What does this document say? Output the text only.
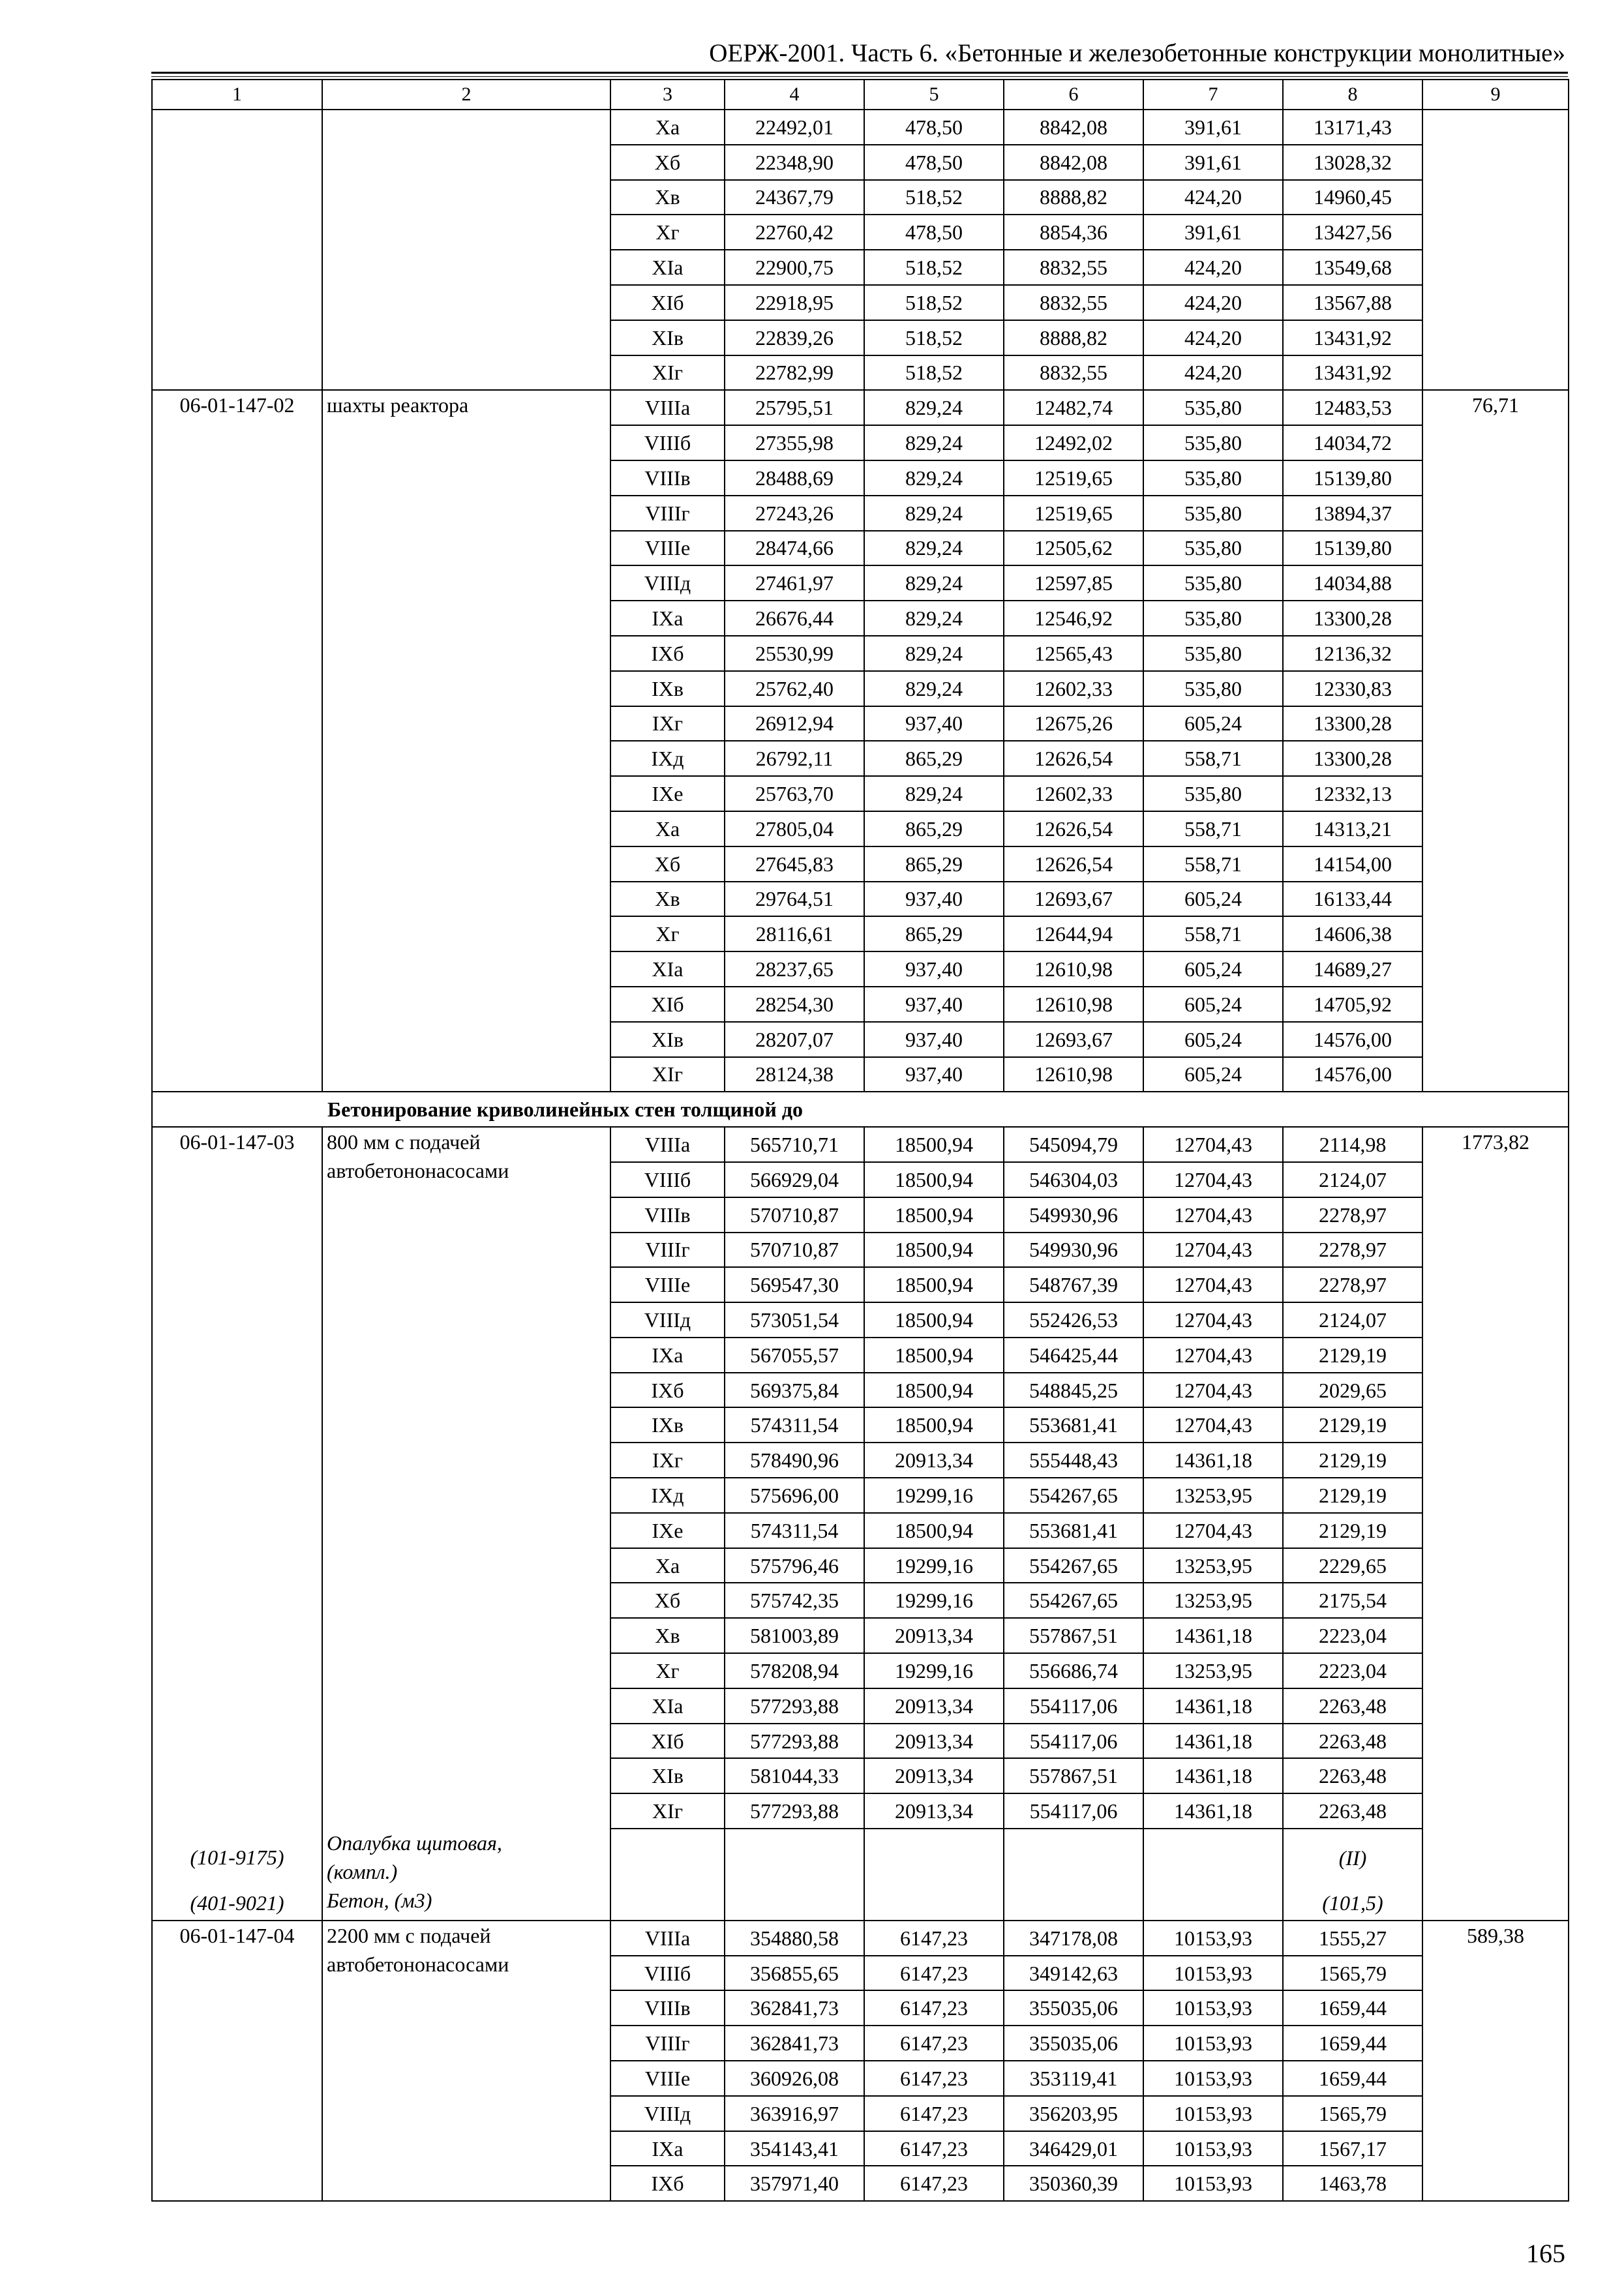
ОЕРЖ-2001. Часть 6. «Бетонные и железобетонные конструкции монолитные»
1	2	3	4	5	6	7	8	9
		Xa	22492,01	478,50	8842,08	391,61	13171,43	
		Xб	22348,90	478,50	8842,08	391,61	13028,32	
		Xв	24367,79	518,52	8888,82	424,20	14960,45	
		Xг	22760,42	478,50	8854,36	391,61	13427,56	
		XIa	22900,75	518,52	8832,55	424,20	13549,68	
		XIб	22918,95	518,52	8832,55	424,20	13567,88	
		XIв	22839,26	518,52	8888,82	424,20	13431,92	
		XIг	22782,99	518,52	8832,55	424,20	13431,92	

06-01-147-02	шахты реактора	VIIIa	25795,51	829,24	12482,74	535,80	12483,53	76,71

		VIIIб	27355,98	829,24	12492,02	535,80	14034,72	
		VIIIв	28488,69	829,24	12519,65	535,80	15139,80	
		VIIIг	27243,26	829,24	12519,65	535,80	13894,37	
		VIIIe	28474,66	829,24	12505,62	535,80	15139,80	
		VIIIд	27461,97	829,24	12597,85	535,80	14034,88	
		IXa	26676,44	829,24	12546,92	535,80	13300,28	
		IXб	25530,99	829,24	12565,43	535,80	12136,32	
		IXв	25762,40	829,24	12602,33	535,80	12330,83	
		IXг	26912,94	937,40	12675,26	605,24	13300,28	
		IXд	26792,11	865,29	12626,54	558,71	13300,28	
		IXe	25763,70	829,24	12602,33	535,80	12332,13	
		Xa	27805,04	865,29	12626,54	558,71	14313,21	
		Xб	27645,83	865,29	12626,54	558,71	14154,00	
		Xв	29764,51	937,40	12693,67	605,24	16133,44	
		Xг	28116,61	865,29	12644,94	558,71	14606,38	
		XIa	28237,65	937,40	12610,98	605,24	14689,27	
		XIб	28254,30	937,40	12610,98	605,24	14705,92	
		XIв	28207,07	937,40	12693,67	605,24	14576,00	
		XIг	28124,38	937,40	12610,98	605,24	14576,00	
Бетонирование криволинейных стен толщиной до								

06-01-147-03	800 мм с подачей
автобетононасосами	VIIIa	565710,71	18500,94	545094,79	12704,43	2114,98	1773,82

		VIIIб	566929,04	18500,94	546304,03	12704,43	2124,07	
		VIIIв	570710,87	18500,94	549930,96	12704,43	2278,97	
		VIIIг	570710,87	18500,94	549930,96	12704,43	2278,97	
		VIIIe	569547,30	18500,94	548767,39	12704,43	2278,97	
		VIIIд	573051,54	18500,94	552426,53	12704,43	2124,07	
		IXa	567055,57	18500,94	546425,44	12704,43	2129,19	
		IXб	569375,84	18500,94	548845,25	12704,43	2029,65	
		IXв	574311,54	18500,94	553681,41	12704,43	2129,19	
		IXг	578490,96	20913,34	555448,43	14361,18	2129,19	
		IXд	575696,00	19299,16	554267,65	13253,95	2129,19	
		IXe	574311,54	18500,94	553681,41	12704,43	2129,19	
		Xa	575796,46	19299,16	554267,65	13253,95	2229,65	
		Xб	575742,35	19299,16	554267,65	13253,95	2175,54	
		Xв	581003,89	20913,34	557867,51	14361,18	2223,04	
		Xг	578208,94	19299,16	556686,74	13253,95	2223,04	
		XIa	577293,88	20913,34	554117,06	14361,18	2263,48	
		XIб	577293,88	20913,34	554117,06	14361,18	2263,48	
		XIв	581044,33	20913,34	557867,51	14361,18	2263,48	
		XIг	577293,88	20913,34	554117,06	14361,18	2263,48	
(101-9175)	Опалубка щитовая,
(компл.)						(II)	
(401-9021)	Бетон, (м3)						(101,5)	

06-01-147-04	2200 мм с подачей
автобетононасосами	VIIIa	354880,58	6147,23	347178,08	10153,93	1555,27	589,38

		VIIIб	356855,65	6147,23	349142,63	10153,93	1565,79	
		VIIIв	362841,73	6147,23	355035,06	10153,93	1659,44	
		VIIIг	362841,73	6147,23	355035,06	10153,93	1659,44	
		VIIIe	360926,08	6147,23	353119,41	10153,93	1659,44	
		VIIIд	363916,97	6147,23	356203,95	10153,93	1565,79	
		IXa	354143,41	6147,23	346429,01	10153,93	1567,17	
		IXб	357971,40	6147,23	350360,39	10153,93	1463,78	
165
